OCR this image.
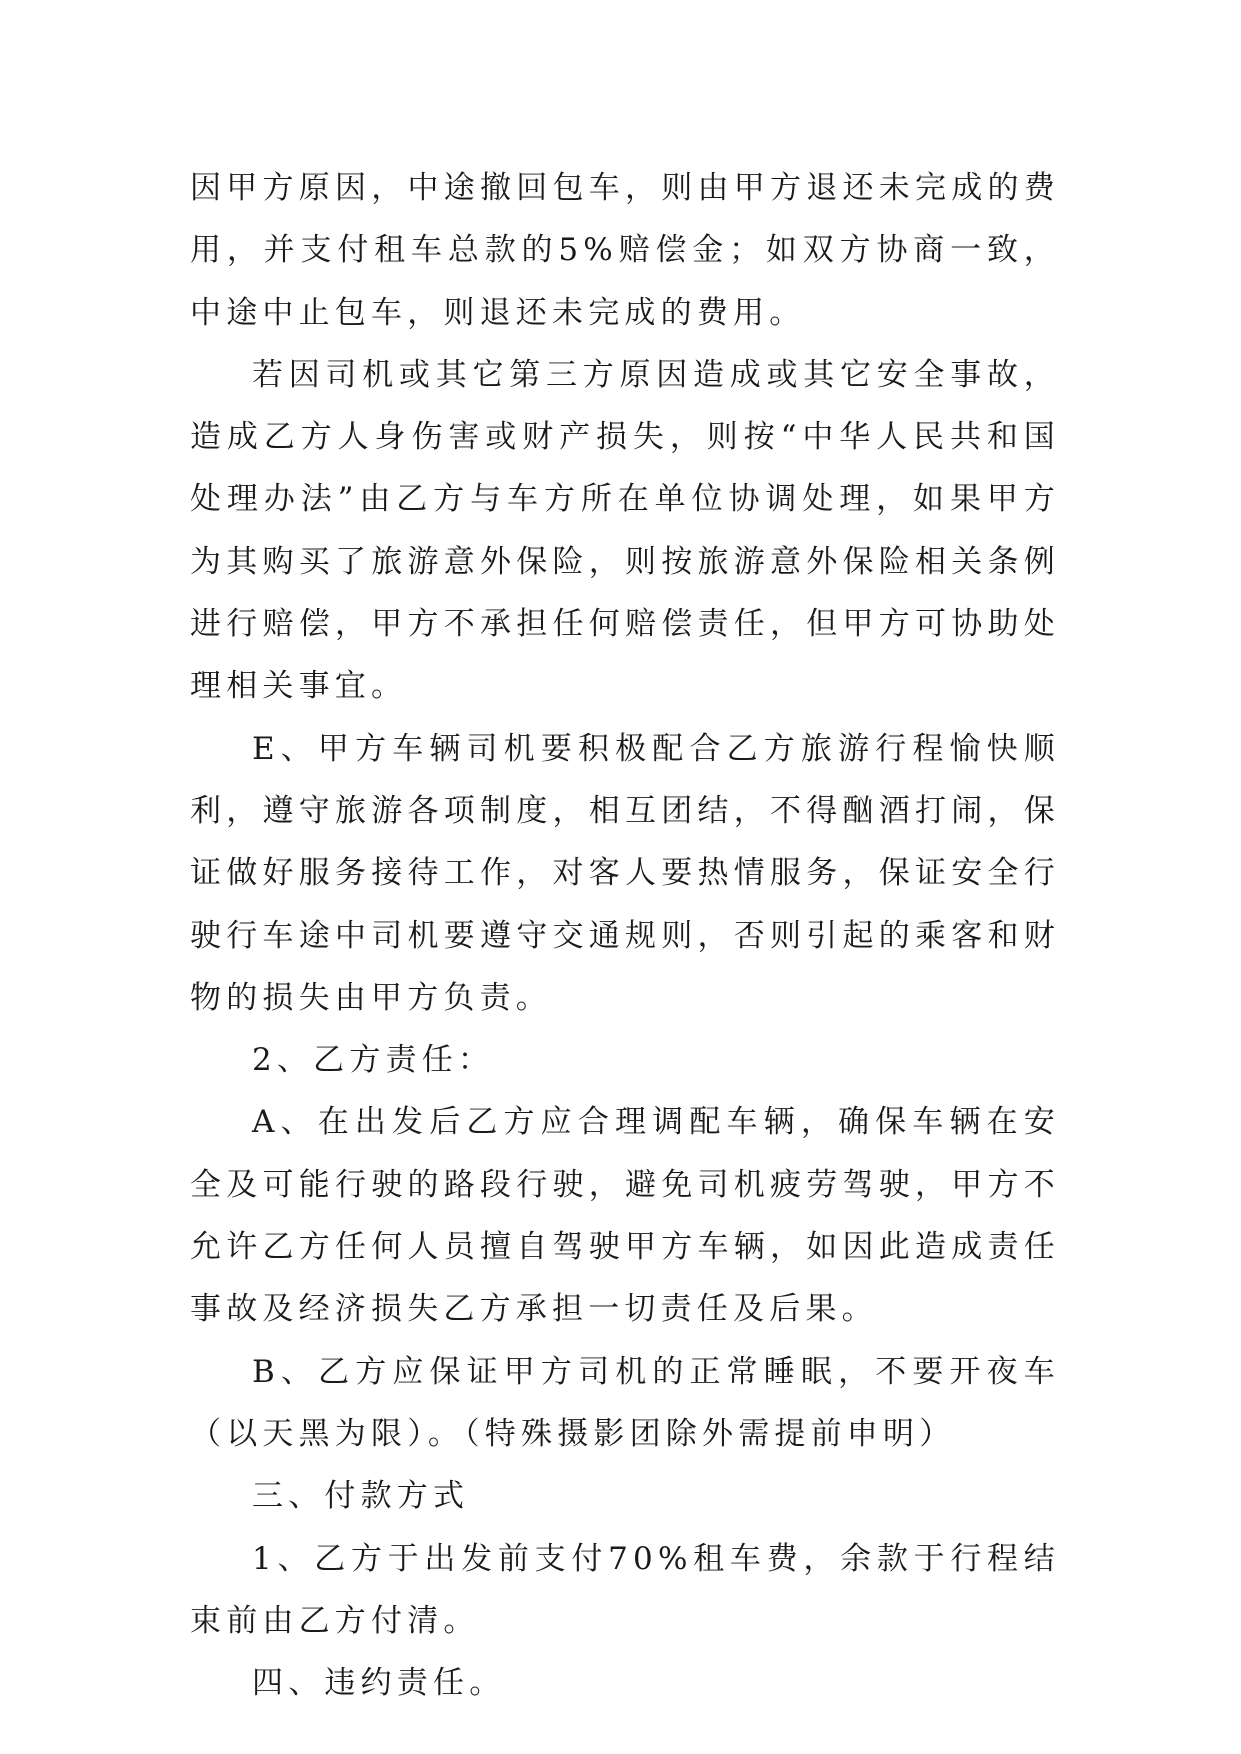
因甲方原因，中途撤回包车，则由甲方退还未完成的费用，并支付租车总款的5%赔偿金；如双方协商一致，中途中止包车，则退还未完成的费用。

若因司机或其它第三方原因造成或其它安全事故，造成乙方人身伤害或财产损失，则按“中华人民共和国处理办法”由乙方与车方所在单位协调处理，如果甲方为其购买了旅游意外保险，则按旅游意外保险相关条例进行赔偿，甲方不承担任何赔偿责任，但甲方可协助处理相关事宜。

E、甲方车辆司机要积极配合乙方旅游行程愉快顺利，遵守旅游各项制度，相互团结，不得酗酒打闹，保证做好服务接待工作，对客人要热情服务，保证安全行驶行车途中司机要遵守交通规则，否则引起的乘客和财物的损失由甲方负责。

2、乙方责任：

A、在出发后乙方应合理调配车辆，确保车辆在安全及可能行驶的路段行驶，避免司机疲劳驾驶，甲方不允许乙方任何人员擅自驾驶甲方车辆，如因此造成责任事故及经济损失乙方承担一切责任及后果。

B、乙方应保证甲方司机的正常睡眠，不要开夜车（以天黑为限）。（特殊摄影团除外需提前申明）

三、付款方式

1、乙方于出发前支付70%租车费，余款于行程结束前由乙方付清。

四、违约责任。
